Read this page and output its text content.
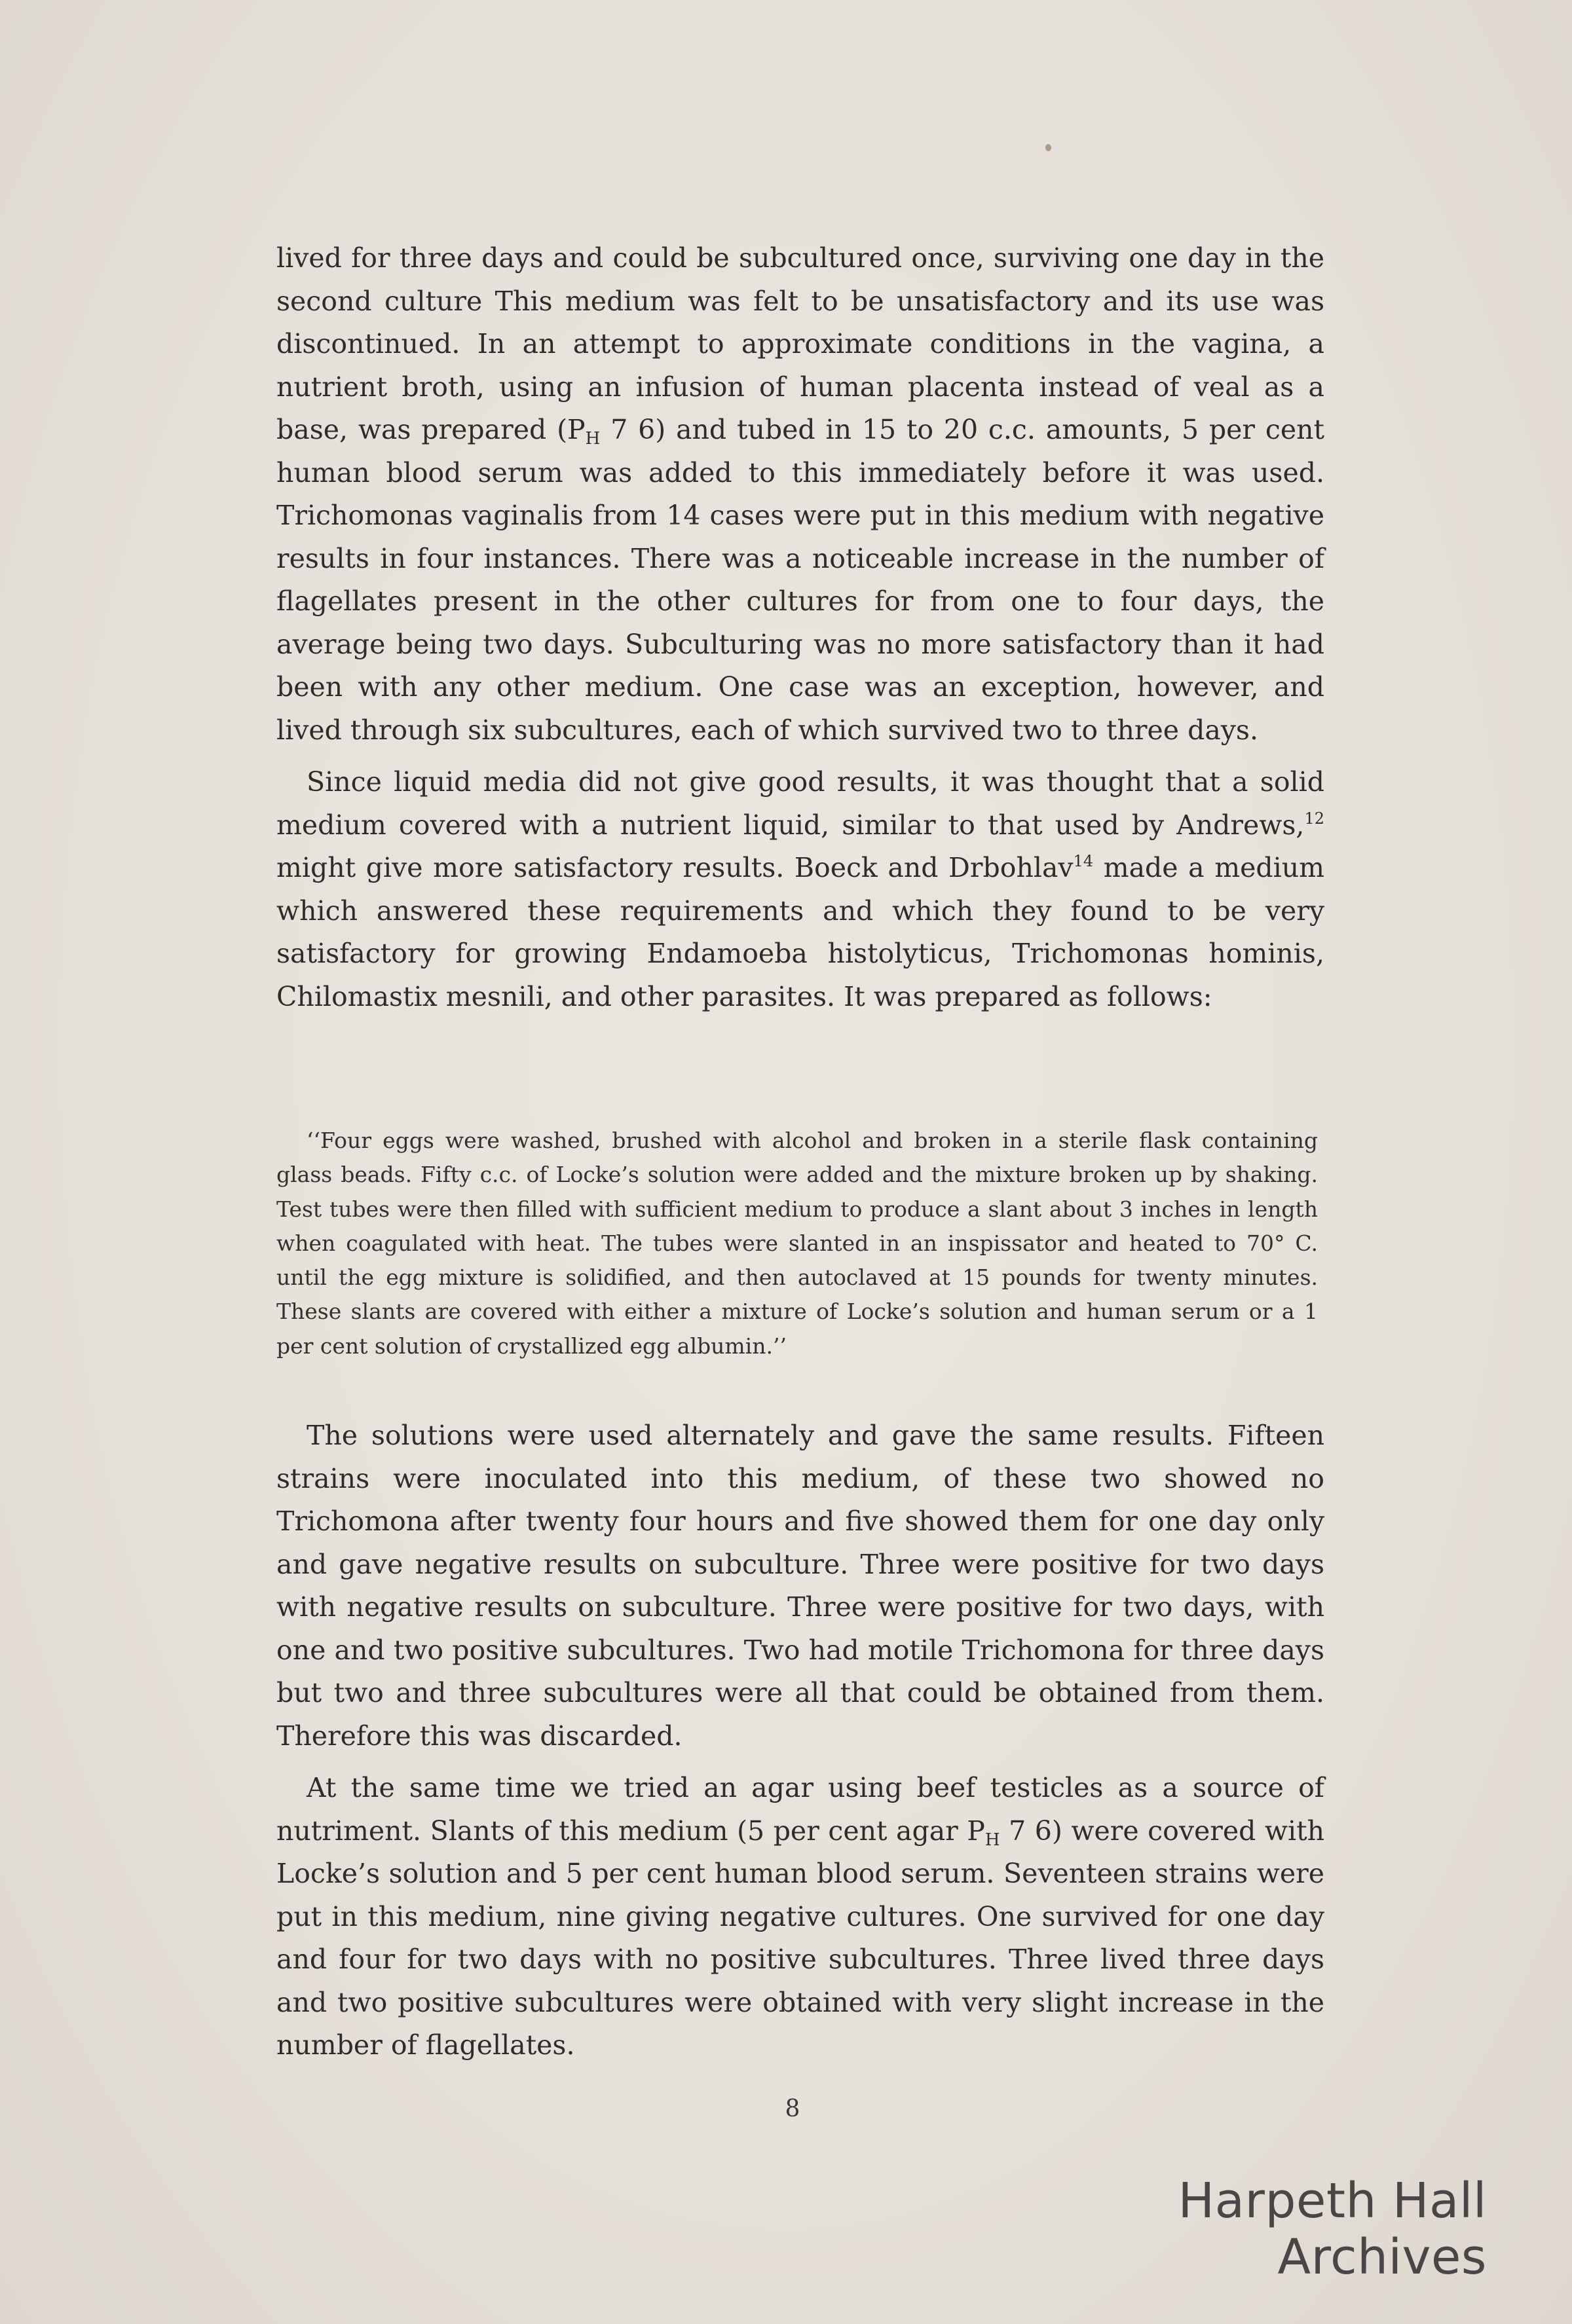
lived for three days and could be subcultured once, surviving one day in the second culture This medium was felt to be unsatisfactory and its use was discontinued. In an attempt to approximate conditions in the vagina, a nutrient broth, using an infusion of human placenta instead of veal as a base, was prepared ($P_H$ 7 6) and tubed in 15 to 20 c.c. amounts, 5 per cent human blood serum was added to this immediately before it was used. Trichomonas vaginalis from 14 cases were put in this medium with negative results in four instances. There was a noticeable increase in the number of flagellates present in the other cultures for from one to four days, the average being two days. Subculturing was no more satisfactory than it had been with any other medium. One case was an exception, however, and lived through six subcultures, each of which survived two to three days.

Since liquid media did not give good results, it was thought that a solid medium covered with a nutrient liquid, similar to that used by Andrews,$^{12}$ might give more satisfactory results. Boeck and Drbohlav$^{14}$ made a medium which answered these requirements and which they found to be very satisfactory for growing Endamoeba histolyticus, Trichomonas hominis, Chilomastix mesnili, and other parasites. It was prepared as follows:

‘‘Four eggs were washed, brushed with alcohol and broken in a sterile flask containing glass beads. Fifty c.c. of Locke’s solution were added and the mixture broken up by shaking. Test tubes were then filled with sufficient medium to produce a slant about 3 inches in length when coagulated with heat. The tubes were slanted in an inspissator and heated to 70° C. until the egg mixture is solidified, and then autoclaved at 15 pounds for twenty minutes. These slants are covered with either a mixture of Locke’s solution and human serum or a 1 per cent solution of crystallized egg albumin.’’

The solutions were used alternately and gave the same results. Fifteen strains were inoculated into this medium, of these two showed no Trichomona after twenty four hours and five showed them for one day only and gave negative results on subculture. Three were positive for two days with negative results on subculture. Three were positive for two days, with one and two positive subcultures. Two had motile Trichomona for three days but two and three subcultures were all that could be obtained from them. Therefore this was discarded.

At the same time we tried an agar using beef testicles as a source of nutriment. Slants of this medium (5 per cent agar $P_H$ 7 6) were covered with Locke’s solution and 5 per cent human blood serum. Seventeen strains were put in this medium, nine giving negative cultures. One survived for one day and four for two days with no positive subcultures. Three lived three days and two positive subcultures were obtained with very slight increase in the number of flagellates.

8
Harpeth Hall Archives
